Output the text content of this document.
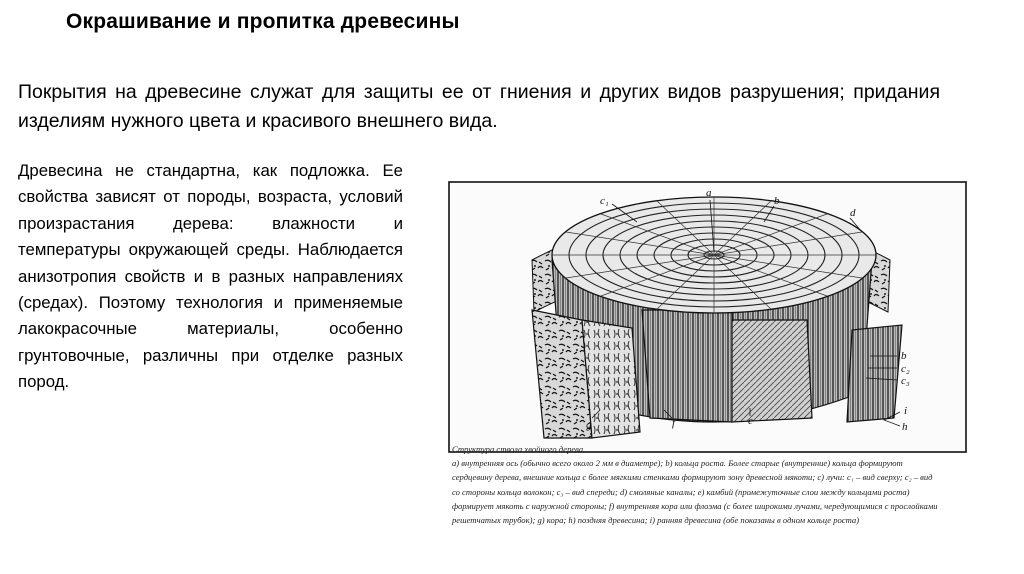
Окрашивание и пропитка древесины
Покрытия на древесине служат для защиты ее от гниения и других видов разрушения; придания изделиям нужного цвета и красивого внешнего вида.
Древесина не стандартна, как подложка. Ее свойства зависят от породы, возраста, условий произрастания дерева: влажности и температуры окружающей среды. Наблюдается анизотропия свойств и в разных направлениях (средах). Поэтому технология и применяемые лакокрасочные материалы, особенно грунтовочные, различны при отделке разных пород.
c₁
a
b
d
b
c₂
c₃
g	f	e
i
h
Структура ствола хвойного дерева
а) внутренняя ось (обычно всего около 2 мм в диаметре); b) кольца роста. Более старые (внутренние) кольца формируют
сердцевину дерева, внешние кольца с более мягкими стенками формируют зону древесной мякоти; с) лучи: c₁ – вид сверху; c₂ – вид
со стороны кольца волокон; c₃ – вид спереди; d) смоляные каналы; е) камбий (промежуточные слои между кольцами роста)
формирует мякоть с наружной стороны; f) внутренняя кора или флоэма (с более широкими лучами, чередующимися с прослойками
решетчатых трубок); g) кора; h) поздняя древесина; i) ранняя древесина (обе показаны в одном кольце роста)
